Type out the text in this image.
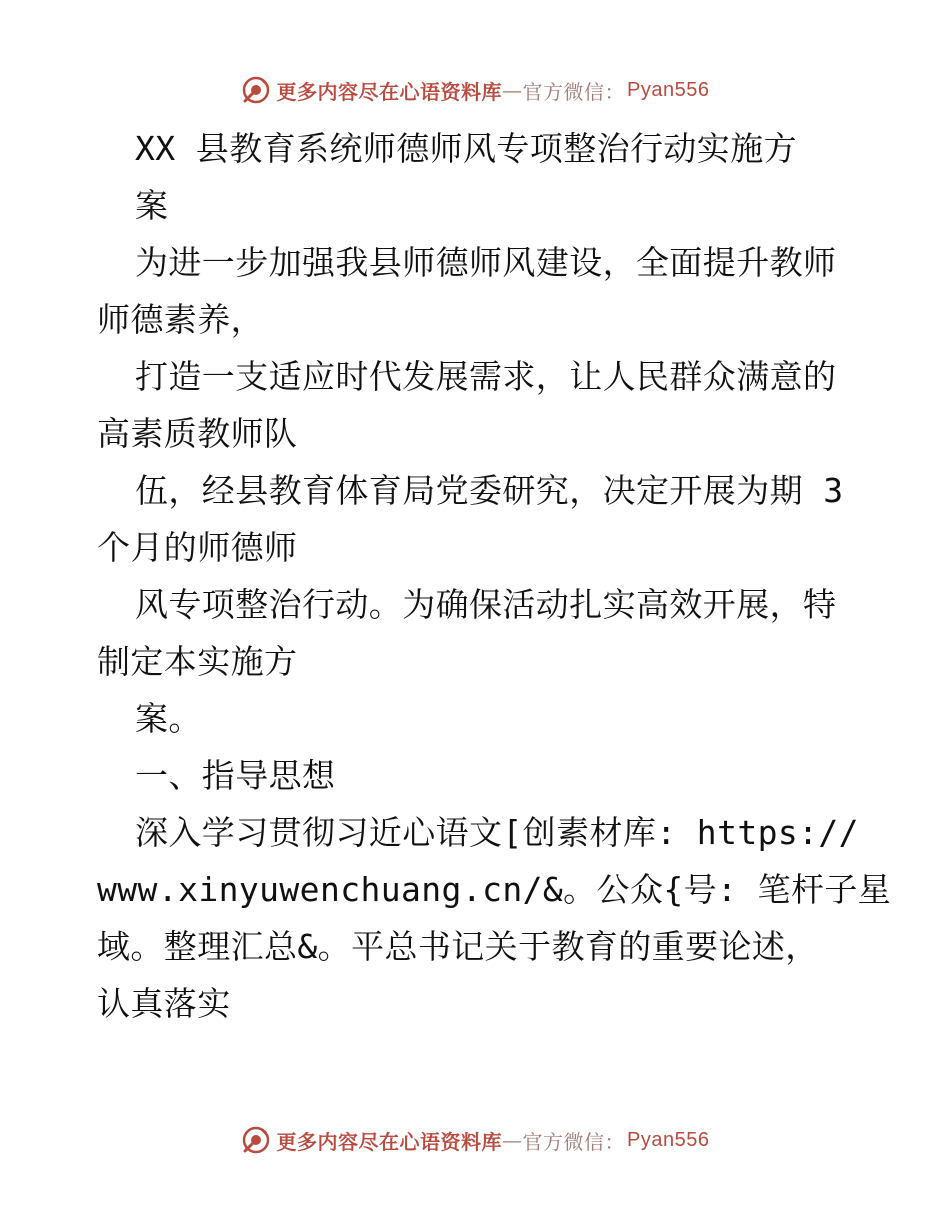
更多内容尽在心语资料库 — 官方微信： Pyan556
XX 县教育系统师德师风专项整治行动实施方
案
为进一步加强我县师德师风建设，全面提升教师
师德素养，
打造一支适应时代发展需求，让人民群众满意的
高素质教师队
伍，经县教育体育局党委研究，决定开展为期 3
个月的师德师
风专项整治行动。为确保活动扎实高效开展，特
制定本实施方
案。
一、指导思想
深入学习贯彻习近心语文[创素材库: https://
www.xinyuwenchuang.cn/&。公众{号: 笔杆子星
域。整理汇总&。平总书记关于教育的重要论述，
认真落实
更多内容尽在心语资料库 — 官方微信： Pyan556
